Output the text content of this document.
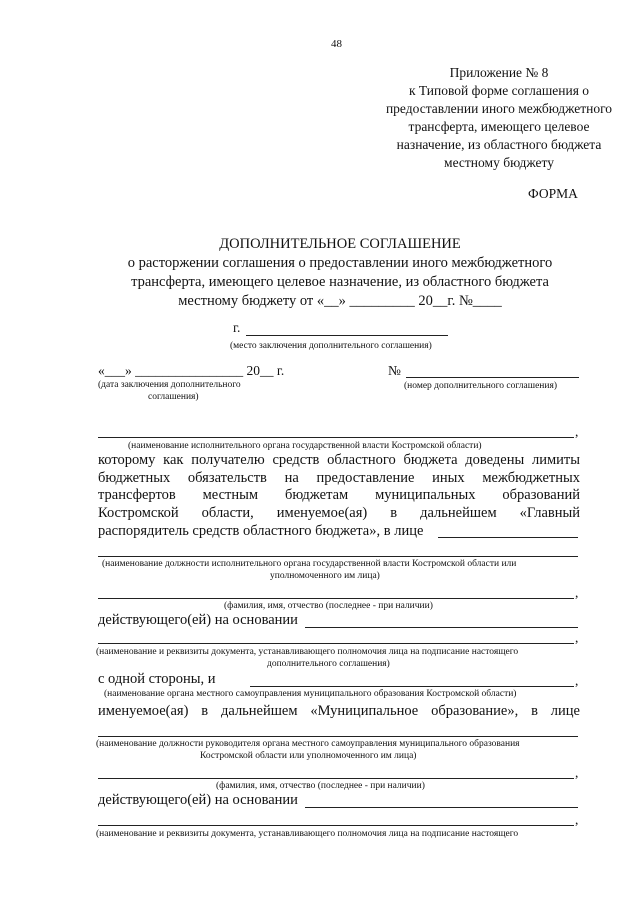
48
Приложение № 8
к Типовой форме соглашения о
предоставлении иного межбюджетного
трансферта, имеющего целевое
назначение, из областного бюджета
местному бюджету
ФОРМА
ДОПОЛНИТЕЛЬНОЕ СОГЛАШЕНИЕ
о расторжении соглашения о предоставлении иного межбюджетного
трансферта, имеющего целевое назначение, из областного бюджета
местному бюджету от «__» _________ 20__г. №____
г.
(место заключения дополнительного соглашения)
«___» ________________ 20__ г.
(дата заключения дополнительного
соглашения)
№
(номер дополнительного соглашения)
,
(наименование исполнительного органа государственной власти Костромской области)
которому как получателю средств областного бюджета доведены лимиты
бюджетных обязательств на предоставление иных межбюджетных
трансфертов местным бюджетам муниципальных образований
Костромской области, именуемое(ая) в дальнейшем «Главный
распорядитель средств областного бюджета», в лице
(наименование должности исполнительного органа государственной власти Костромской области или
уполномоченного им лица)
,
(фамилия, имя, отчество (последнее - при наличии)
действующего(ей) на основании
,
(наименование и реквизиты документа, устанавливающего полномочия лица на подписание настоящего
дополнительного соглашения)
с одной стороны, и	,
(наименование органа местного самоуправления муниципального образования Костромской области)
именуемое(ая) в дальнейшем «Муниципальное образование», в лице
(наименование должности руководителя органа местного самоуправления муниципального образования
Костромской области или уполномоченного им лица)
,
(фамилия, имя, отчество (последнее - при наличии)
действующего(ей) на основании
,
(наименование и реквизиты документа, устанавливающего полномочия лица на подписание настоящего
